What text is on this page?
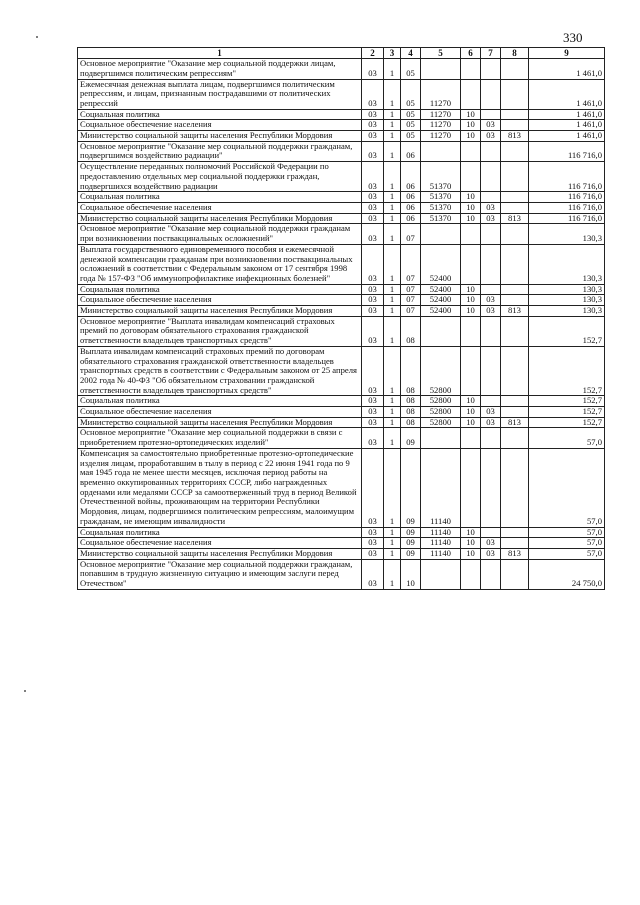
330
1	2	3	4	5	6	7	8	9
Основное мероприятие "Оказание мер социальной поддержки лицам, подвергшимся политическим репрессиям"	03	1	05					1 461,0
Ежемесячная денежная выплата лицам, подвергшимся политическим репрессиям, и лицам, признанным пострадавшими от политических репрессий	03	1	05	11270				1 461,0
Социальная политика	03	1	05	11270	10			1 461,0
Социальное обеспечение населения	03	1	05	11270	10	03		1 461,0
Министерство социальной защиты населения Республики Мордовия	03	1	05	11270	10	03	813	1 461,0
Основное мероприятие "Оказание мер социальной поддержки гражданам, подвергшимся воздействию радиации"	03	1	06					116 716,0
Осуществление переданных полномочий Российской Федерации по предоставлению отдельных мер социальной поддержки граждан, подвергшихся воздействию радиации	03	1	06	51370				116 716,0
Социальная политика	03	1	06	51370	10			116 716,0
Социальное обеспечение населения	03	1	06	51370	10	03		116 716,0
Министерство социальной защиты населения Республики Мордовия	03	1	06	51370	10	03	813	116 716,0
Основное мероприятие "Оказание мер социальной поддержки гражданам при возникновении поствакцинальных осложнений"	03	1	07					130,3
Выплата государственного единовременного пособия и ежемесячной денежной компенсации гражданам при возникновении поствакцинальных осложнений в соответствии с Федеральным законом от 17 сентября 1998 года № 157-ФЗ "Об иммунопрофилактике инфекционных болезней"	03	1	07	52400				130,3
Социальная политика	03	1	07	52400	10			130,3
Социальное обеспечение населения	03	1	07	52400	10	03		130,3
Министерство социальной защиты населения Республики Мордовия	03	1	07	52400	10	03	813	130,3
Основное мероприятие "Выплата инвалидам компенсаций страховых премий по договорам обязательного страхования гражданской ответственности владельцев транспортных средств"	03	1	08					152,7
Выплата инвалидам компенсаций страховых премий по договорам обязательного страхования гражданской ответственности владельцев транспортных средств в соответствии с Федеральным законом от 25 апреля 2002 года № 40-ФЗ "Об обязательном страховании гражданской ответственности владельцев транспортных средств"	03	1	08	52800				152,7
Социальная политика	03	1	08	52800	10			152,7
Социальное обеспечение населения	03	1	08	52800	10	03		152,7
Министерство социальной защиты населения Республики Мордовия	03	1	08	52800	10	03	813	152,7
Основное мероприятие "Оказание мер социальной поддержки в связи с приобретением протезно-ортопедических изделий"	03	1	09					57,0
Компенсация за самостоятельно приобретенные протезно-ортопедические изделия лицам, проработавшим в тылу в период с 22 июня 1941 года по 9 мая 1945 года не менее шести месяцев, исключая период работы на временно оккупированных территориях СССР, либо награжденных орденами или медалями СССР за самоотверженный труд в период Великой Отечественной войны, проживающим на территории Республики Мордовия, лицам, подвергшимся политическим репрессиям, малоимущим гражданам, не имеющим инвалидности	03	1	09	11140				57,0
Социальная политика	03	1	09	11140	10			57,0
Социальное обеспечение населения	03	1	09	11140	10	03		57,0
Министерство социальной защиты населения Республики Мордовия	03	1	09	11140	10	03	813	57,0
Основное мероприятие "Оказание мер социальной поддержки гражданам, попавшим в трудную жизненную ситуацию и имеющим заслуги перед Отечеством"	03	1	10					24 750,0
